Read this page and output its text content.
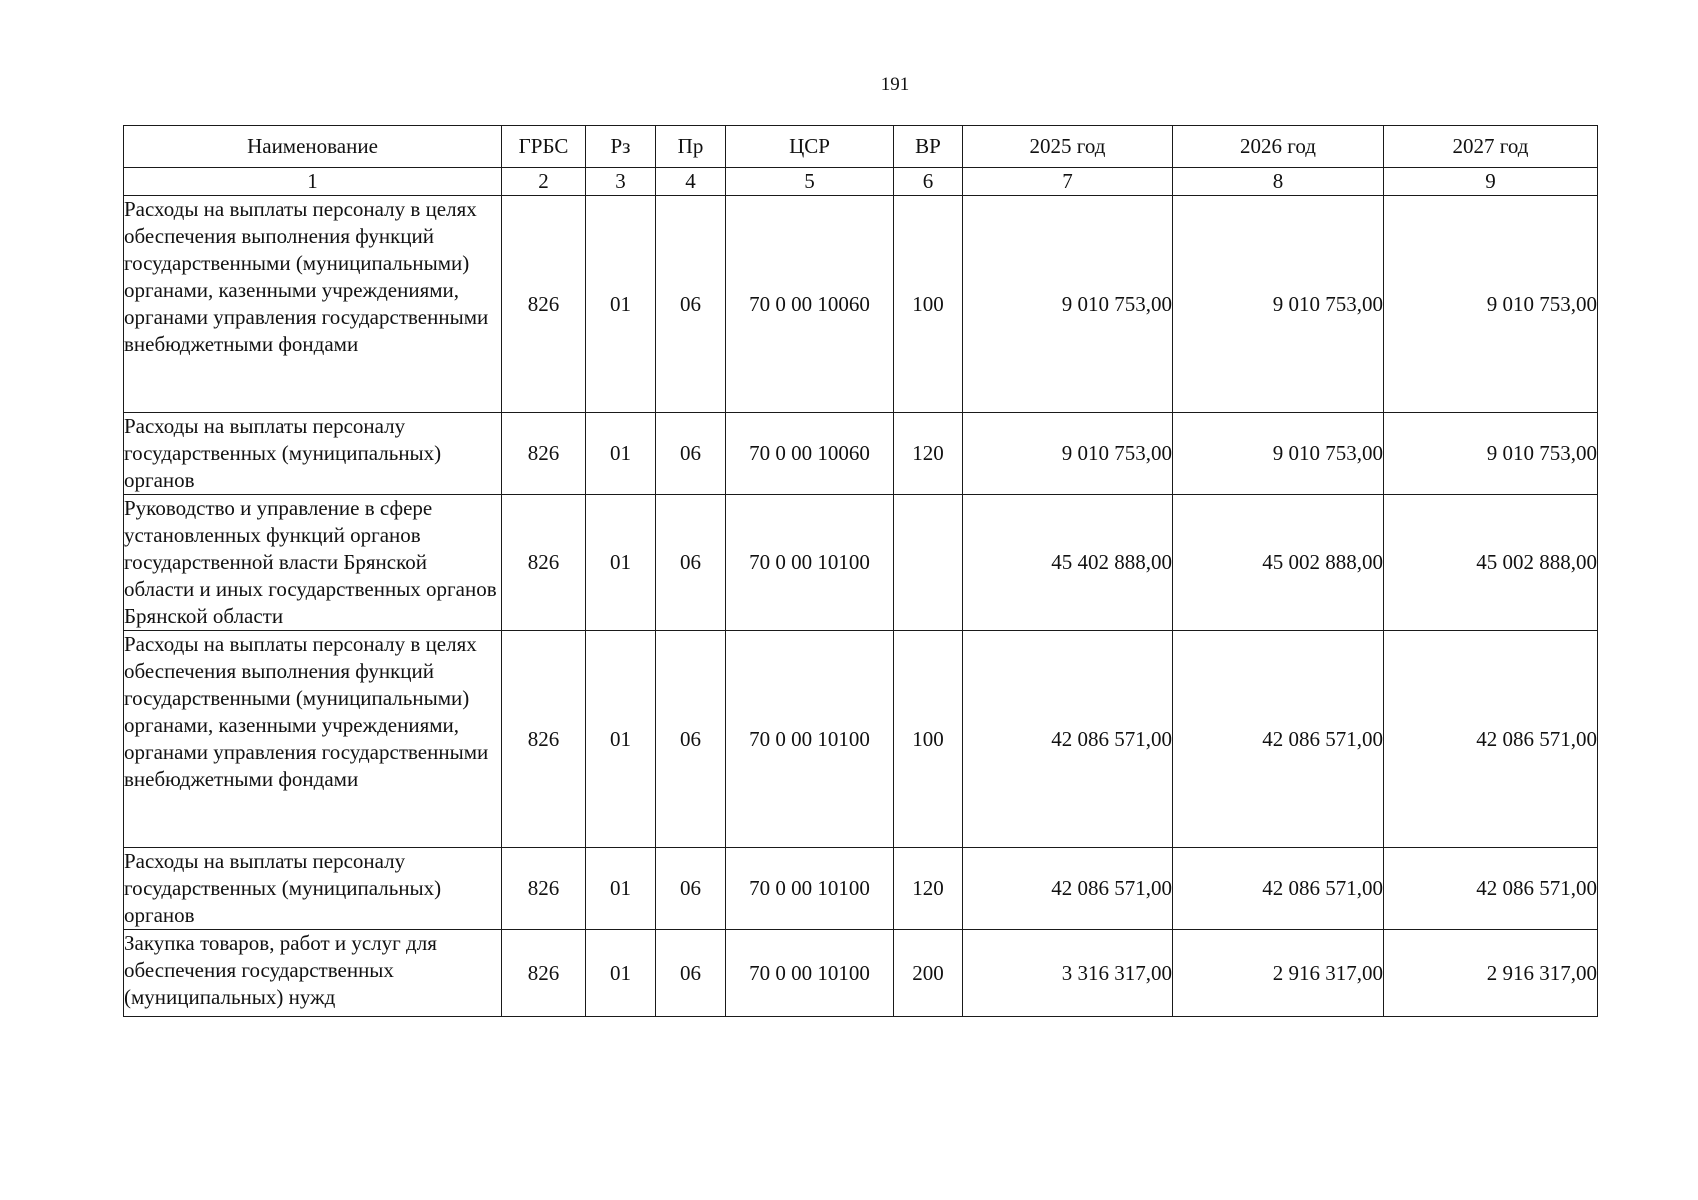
191
Наименование	ГРБС	Рз	Пр	ЦСР	ВР	2025 год	2026 год	2027 год
1	2	3	4	5	6	7	8	9
Расходы на выплаты персоналу в целях обеспечения выполнения функций государственными (муниципальными) органами, казенными учреждениями, органами управления государственными внебюджетными фондами	826	01	06	70 0 00 10060	100	9 010 753,00	9 010 753,00	9 010 753,00
Расходы на выплаты персоналу государственных (муниципальных) органов	826	01	06	70 0 00 10060	120	9 010 753,00	9 010 753,00	9 010 753,00
Руководство и управление в сфере установленных функций органов государственной власти Брянской области и иных государственных органов Брянской области	826	01	06	70 0 00 10100		45 402 888,00	45 002 888,00	45 002 888,00
Расходы на выплаты персоналу в целях обеспечения выполнения функций государственными (муниципальными) органами, казенными учреждениями, органами управления государственными внебюджетными фондами	826	01	06	70 0 00 10100	100	42 086 571,00	42 086 571,00	42 086 571,00
Расходы на выплаты персоналу государственных (муниципальных) органов	826	01	06	70 0 00 10100	120	42 086 571,00	42 086 571,00	42 086 571,00
Закупка товаров, работ и услуг для обеспечения государственных (муниципальных) нужд	826	01	06	70 0 00 10100	200	3 316 317,00	2 916 317,00	2 916 317,00
